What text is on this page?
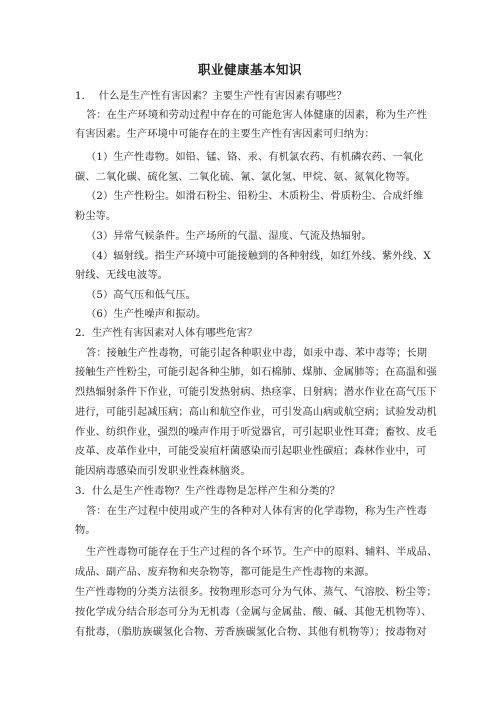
职业健康基本知识
1.　 什么是生产性有害因素？主要生产性有害因素有哪些？
答：在生产环境和劳动过程中存在的可能危害人体健康的因素，称为生产性
有害因素。生产环境中可能存在的主要生产性有害因素可归纳为：
（1）生产性毒物。如铅、锰、铬、汞、有机氯农药、有机磷农药、一氧化
碳、二氧化碳、硫化氢、二氧化硫、氰、氯化氢、甲烷、氨、氮氧化物等。
（2）生产性粉尘。如滑石粉尘、铅粉尘、木质粉尘、骨质粉尘、合成纤维
粉尘等。
（3）异常气候条件。生产场所的气温、湿度、气流及热辐射。
（4）辐射线。指生产环境中可能接触到的各种射线，如红外线、紫外线、X
射线、无线电波等。
（5）高气压和低气压。
（6）生产性噪声和振动。
2．生产性有害因素对人体有哪些危害？
答：接触生产性毒物，可能引起各种职业中毒，如汞中毒、苯中毒等；长期
接触生产性粉尘，可能引起各种尘肺，如石棉肺、煤肺、金属肺等；在高温和强
烈热辐射条件下作业，可能引发热射病、热痉挛、日射病；潜水作业在高气压下
进行，可能引起减压病；高山和航空作业，可引发高山病或航空病；试验发动机
作业、纺织作业，强烈的噪声作用于听觉器官，可引起职业性耳聋；畜牧、皮毛
皮革、皮革作业中，可能受炭疽杆菌感染而引起职业性碳疽；森林作业中，可
能因病毒感染而引发职业性森林脑炎。
3．什么是生产性毒物？生产性毒物是怎样产生和分类的？
答：在生产过程中使用或产生的各种对人体有害的化学毒物，称为生产性毒
物。
生产性毒物可能存在于生产过程的各个环节。生产中的原料、辅料、半成品、
成品、副产品、废弃物和夹杂物等，都可能是生产性毒物的来源。
生产性毒物的分类方法很多。按物理形态可分为气体、蒸气、气溶胶、粉尘等；
按化学成分结合形态可分为无机毒（金属与金属盐、酸、碱、其他无机物等）、
有批毒，（脂肪族碳氢化合物、芳香族碳氢化合物、其他有机物等）；按毒物对
